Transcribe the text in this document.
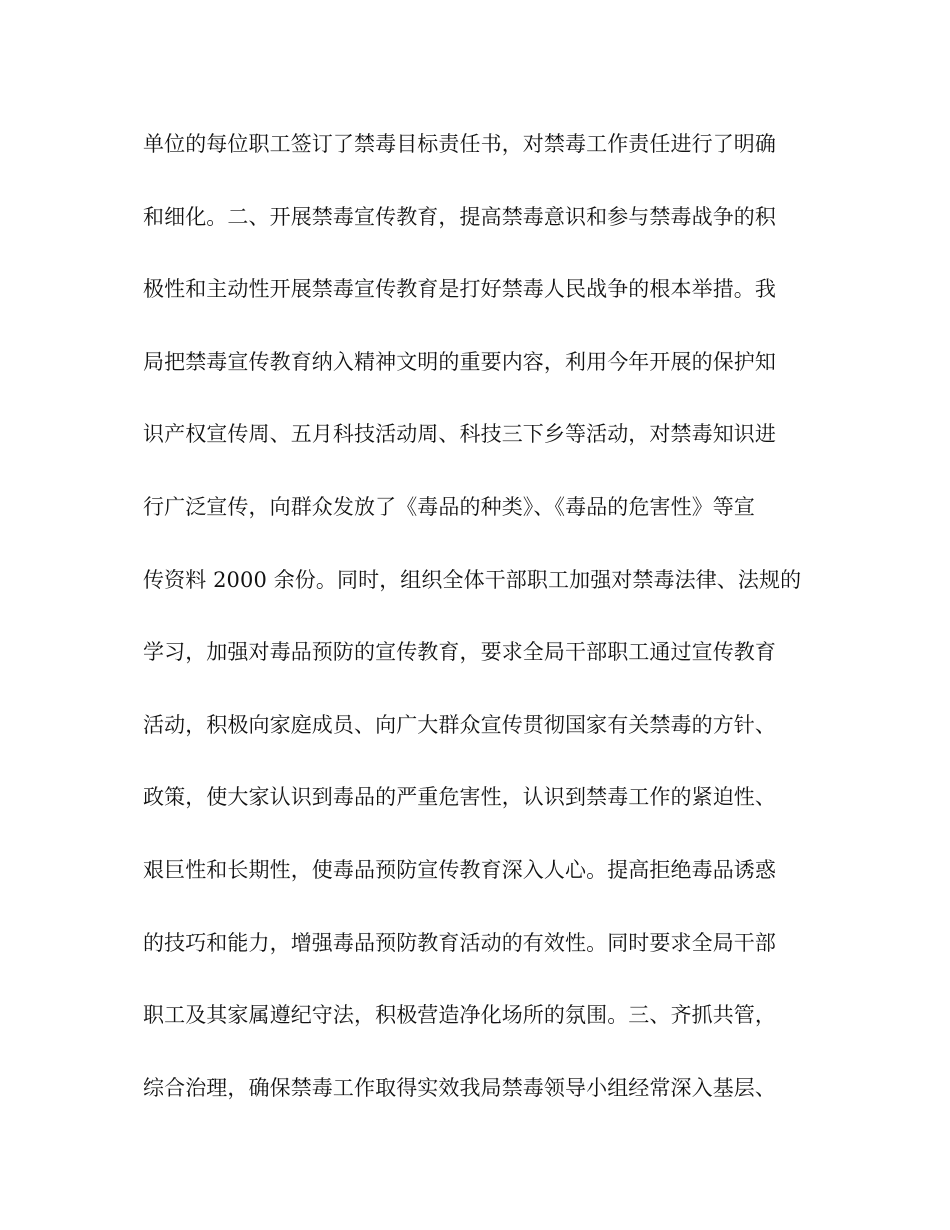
单位的每位职工签订了禁毒目标责任书，对禁毒工作责任进行了明确
和细化。二、开展禁毒宣传教育，提高禁毒意识和参与禁毒战争的积
极性和主动性开展禁毒宣传教育是打好禁毒人民战争的根本举措。我
局把禁毒宣传教育纳入精神文明的重要内容，利用今年开展的保护知
识产权宣传周、五月科技活动周、科技三下乡等活动，对禁毒知识进
行广泛宣传，向群众发放了《毒品的种类》、《毒品的危害性》等宣
传资料 2000 余份。同时，组织全体干部职工加强对禁毒法律、法规的
学习，加强对毒品预防的宣传教育，要求全局干部职工通过宣传教育
活动，积极向家庭成员、向广大群众宣传贯彻国家有关禁毒的方针、
政策，使大家认识到毒品的严重危害性，认识到禁毒工作的紧迫性、
艰巨性和长期性，使毒品预防宣传教育深入人心。提高拒绝毒品诱惑
的技巧和能力，增强毒品预防教育活动的有效性。同时要求全局干部
职工及其家属遵纪守法，积极营造净化场所的氛围。三、齐抓共管，
综合治理，确保禁毒工作取得实效我局禁毒领导小组经常深入基层、
